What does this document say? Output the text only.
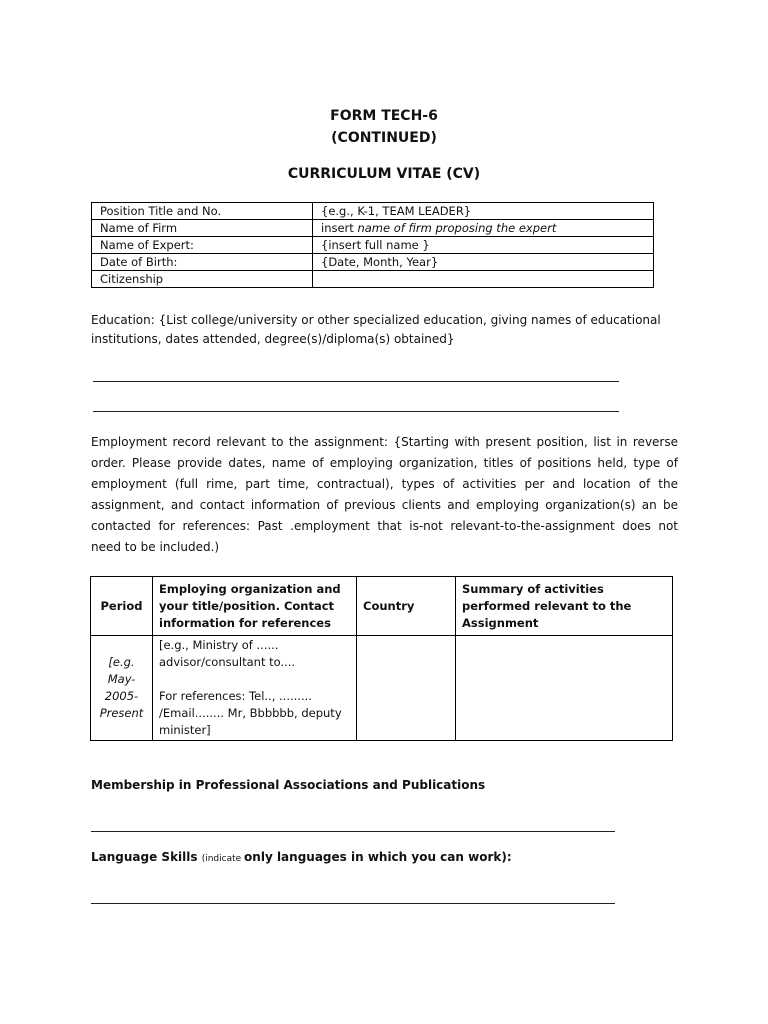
FORM TECH-6
(CONTINUED)
CURRICULUM VITAE (CV)
Position Title and No.	{e.g., K-1, TEAM LEADER}
Name of Firm	insert name of firm proposing the expert
Name of Expert:	{insert full name }
Date of Birth:	{Date, Month, Year}
Citizenship	
Education: {List college/university or other specialized education, giving names of educational institutions, dates attended, degree(s)/diploma(s) obtained}
Employment record relevant to the assignment: {Starting with present position, list in reverse order. Please provide dates, name of employing organization, titles of positions held, type of employment (full rime, part time, contractual), types of activities per and location of the assignment, and contact information of previous clients and employing organization(s) an be contacted for references: Past .employment that is-not relevant-to-the-assignment does not need to be included.)
Period	Employing organization and your title/position. Contact information for references	Country	Summary of activities performed relevant to the Assignment
[e.g. May-2005-Present	[e.g., Ministry of ......
advisor/consultant to....
For references: Tel.., .........
/Email........ Mr, Bbbbbb, deputy minister]		

Membership in Professional Associations and Publications
Language Skills (indicate only languages in which you can work):
